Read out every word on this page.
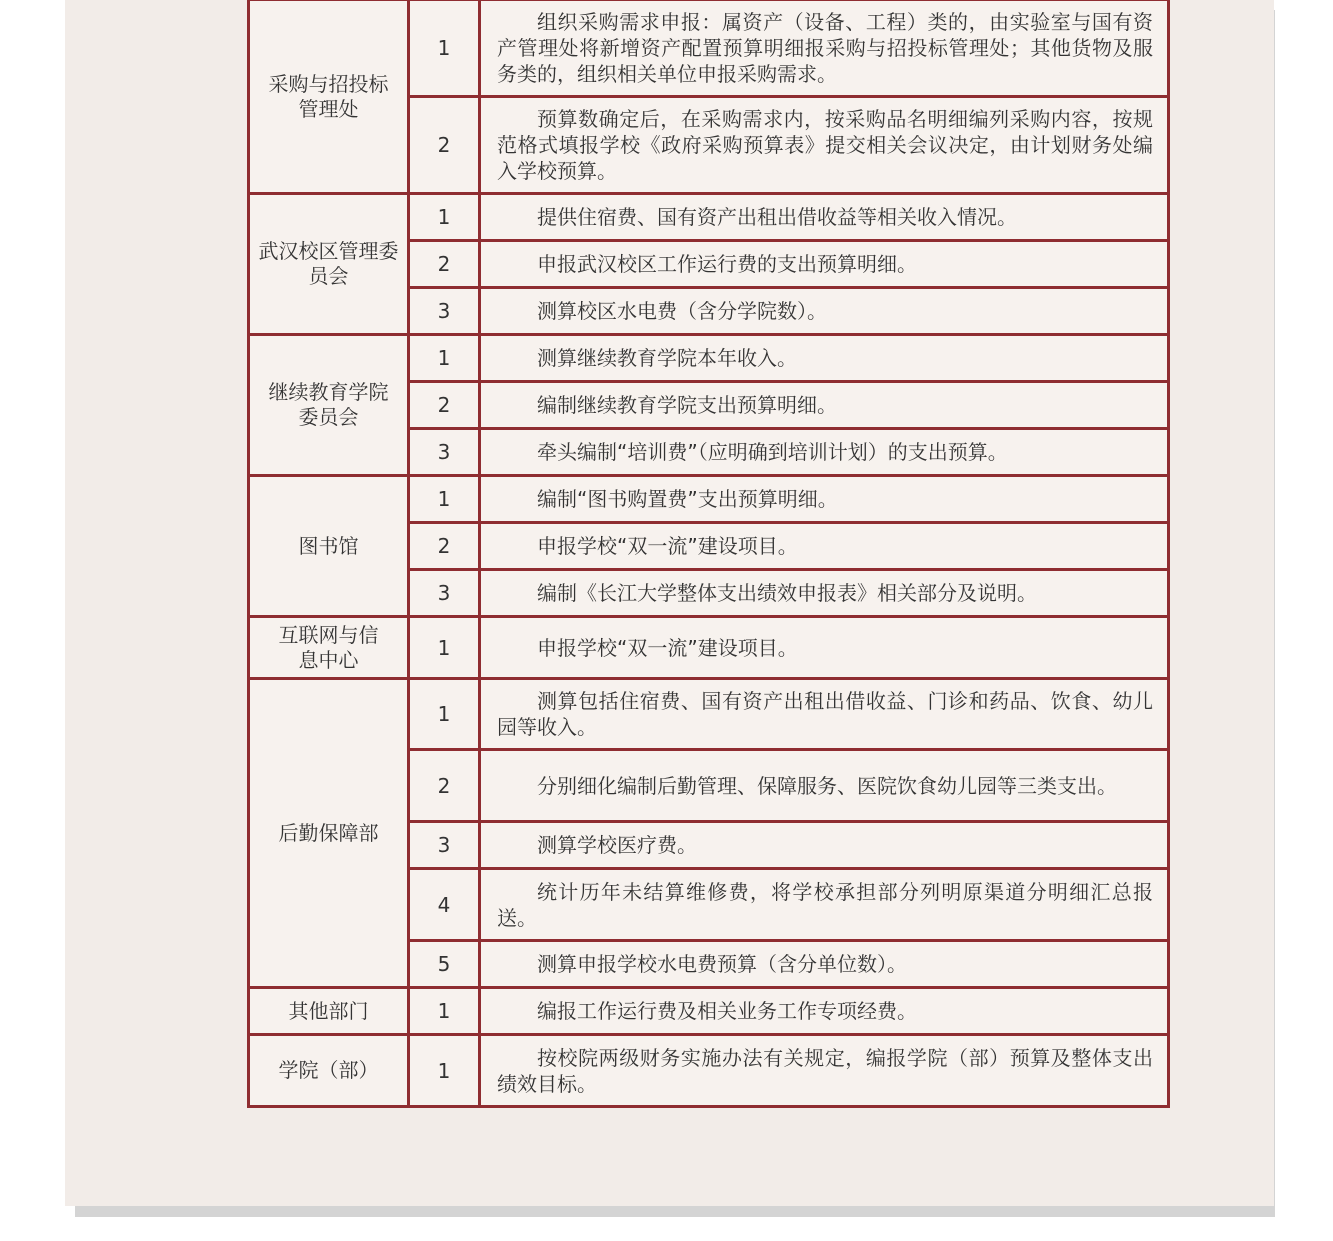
采购与招投标管理处	1	组织采购需求申报：属资产（设备、工程）类的，由实验室与国有资产管理处将新增资产配置预算明细报采购与招投标管理处；其他货物及服务类的，组织相关单位申报采购需求。
	2	预算数确定后，在采购需求内，按采购品名明细编列采购内容，按规范格式填报学校《政府采购预算表》提交相关会议决定，由计划财务处编入学校预算。
武汉校区管理委员会	1	提供住宿费、国有资产出租出借收益等相关收入情况。
	2	申报武汉校区工作运行费的支出预算明细。
	3	测算校区水电费（含分学院数）。
继续教育学院委员会	1	测算继续教育学院本年收入。
	2	编制继续教育学院支出预算明细。
	3	牵头编制“培训费”（应明确到培训计划）的支出预算。
图书馆	1	编制“图书购置费”支出预算明细。
	2	申报学校“双一流”建设项目。
	3	编制《长江大学整体支出绩效申报表》相关部分及说明。
互联网与信息中心	1	申报学校“双一流”建设项目。
后勤保障部	1	测算包括住宿费、国有资产出租出借收益、门诊和药品、饮食、幼儿园等收入。
	2	分别细化编制后勤管理、保障服务、医院饮食幼儿园等三类支出。
	3	测算学校医疗费。
	4	统计历年未结算维修费，将学校承担部分列明原渠道分明细汇总报送。
	5	测算申报学校水电费预算（含分单位数）。
其他部门	1	编报工作运行费及相关业务工作专项经费。
学院（部）	1	按校院两级财务实施办法有关规定，编报学院（部）预算及整体支出绩效目标。
